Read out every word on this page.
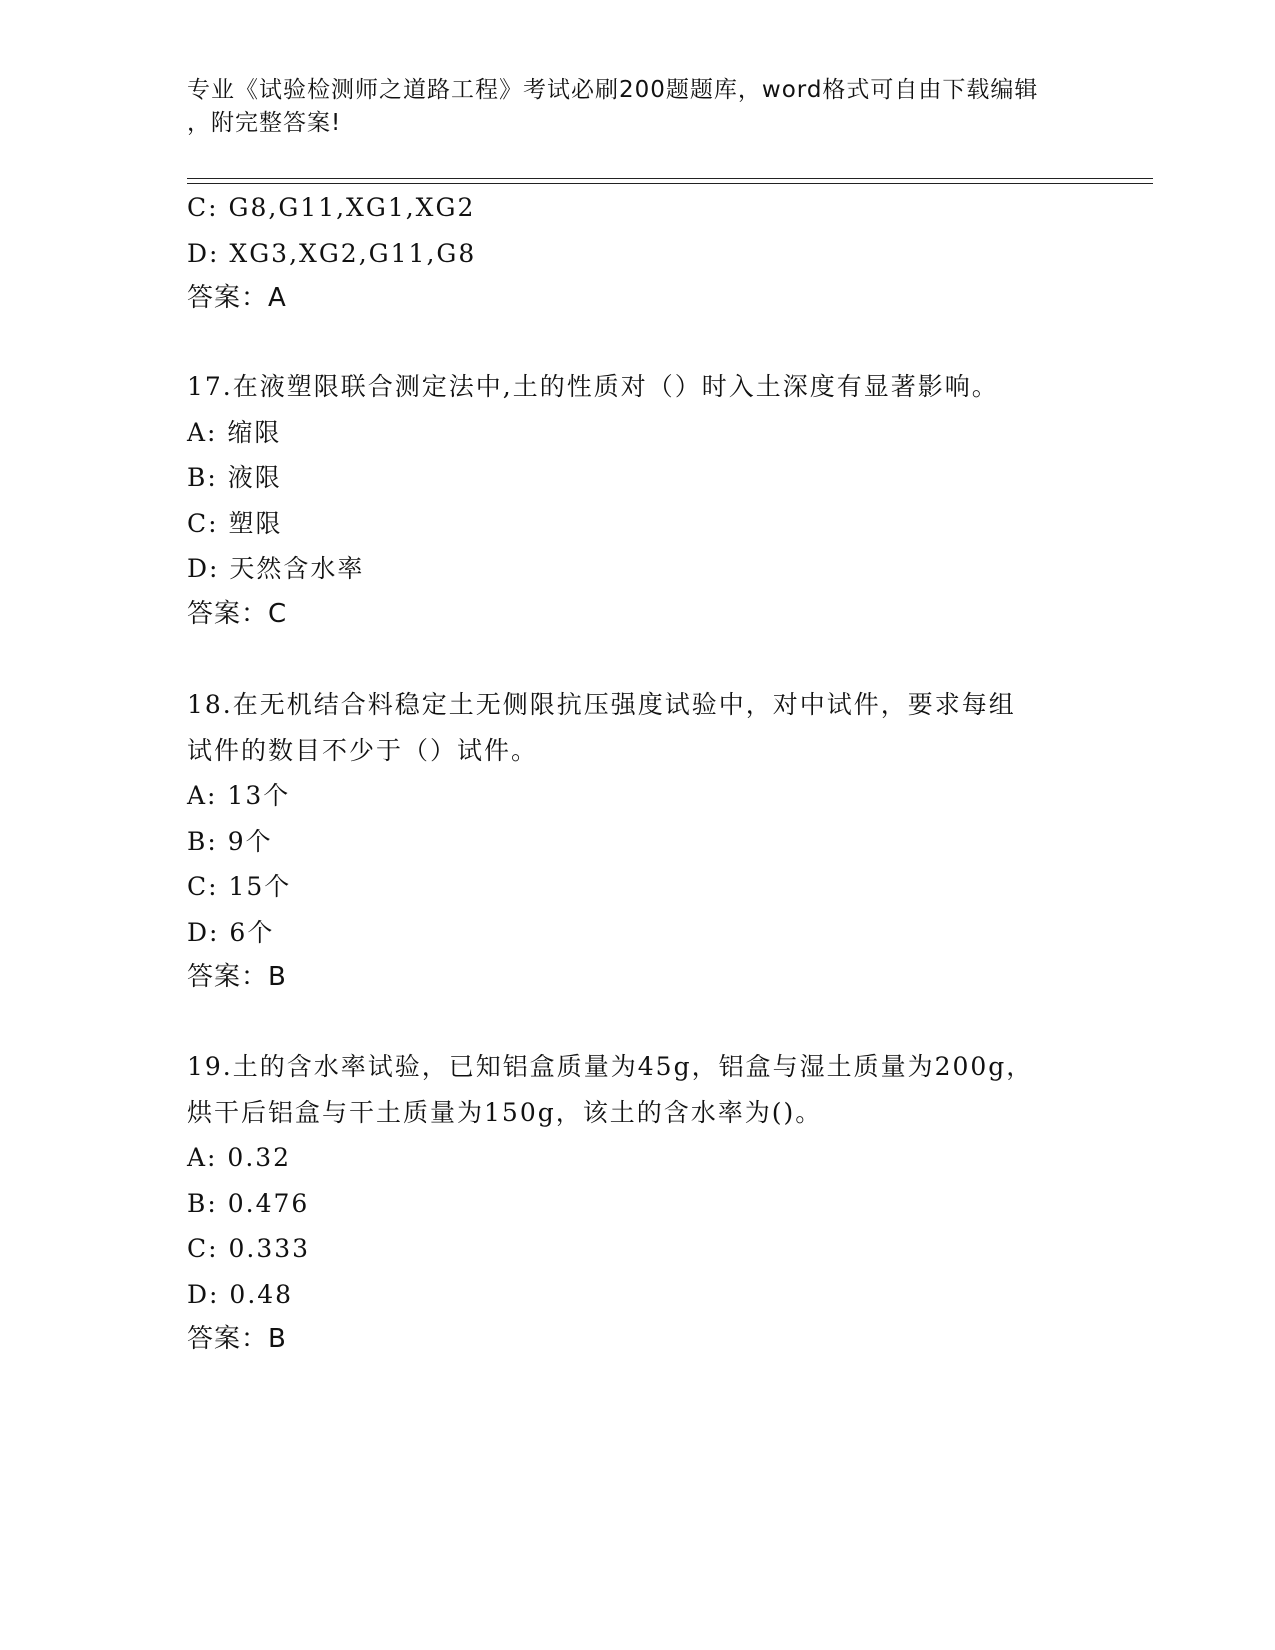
专业《试验检测师之道路工程》考试必刷200题题库，word格式可自由下载编辑
，附完整答案!
C: G8,G11,XG1,XG2
D: XG3,XG2,G11,G8
答案：A
17.在液塑限联合测定法中,土的性质对（）时入土深度有显著影响。
A: 缩限
B: 液限
C: 塑限
D: 天然含水率
答案：C
18.在无机结合料稳定土无侧限抗压强度试验中，对中试件，要求每组
试件的数目不少于（）试件。
A: 13个
B: 9个
C: 15个
D: 6个
答案：B
19.土的含水率试验，已知铝盒质量为45g，铝盒与湿土质量为200g，
烘干后铝盒与干土质量为150g，该土的含水率为()。
A: 0.32
B: 0.476
C: 0.333
D: 0.48
答案：B
